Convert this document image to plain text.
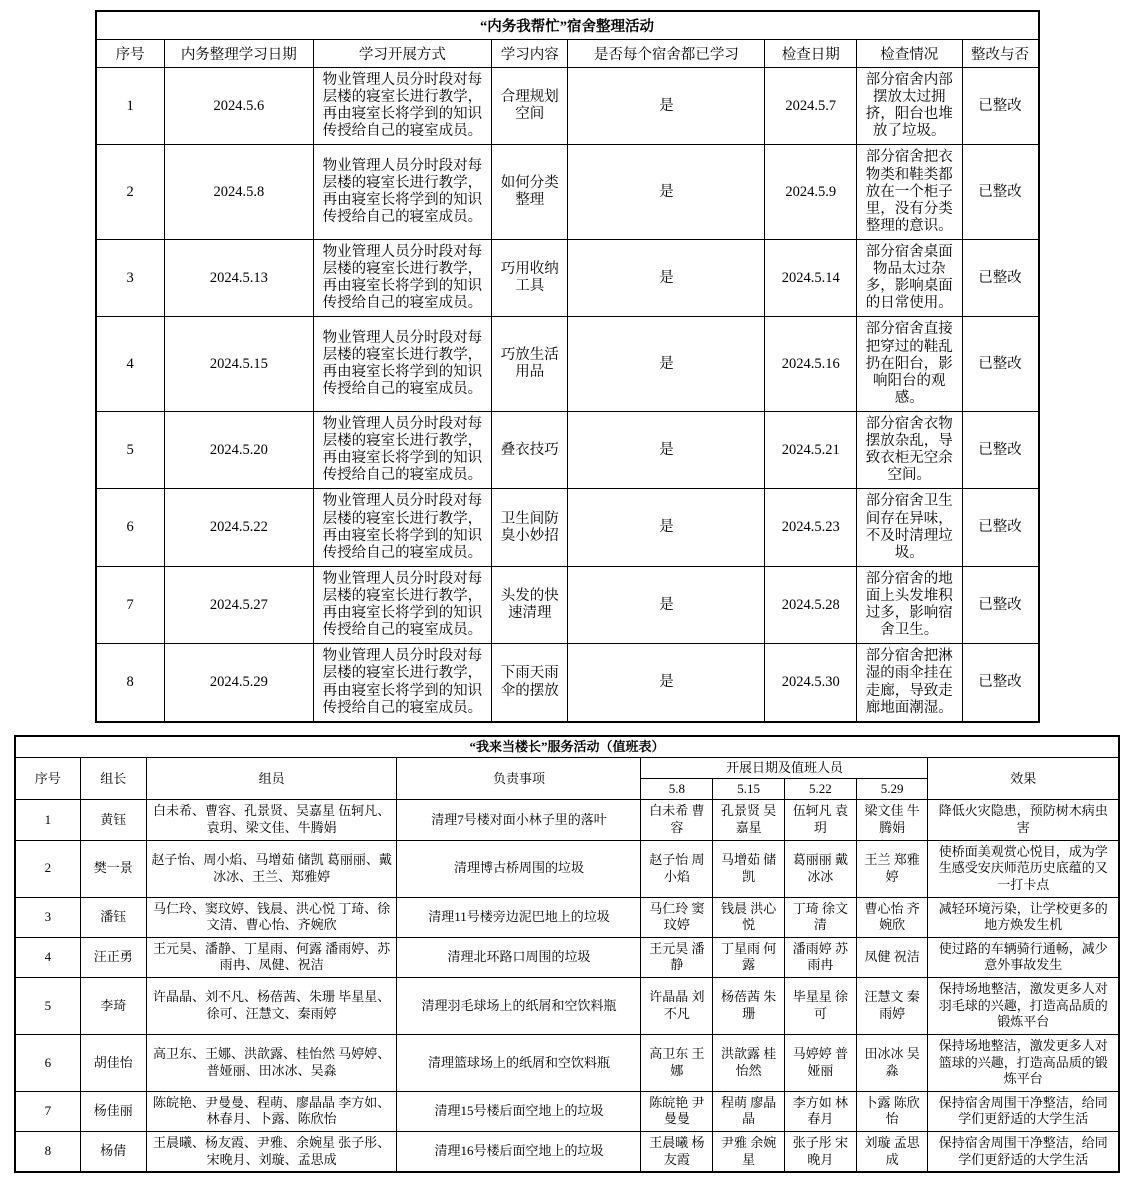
“内务我帮忙”宿舍整理活动							
序号	内务整理学习日期	学习开展方式	学习内容	是否每个宿舍都已学习	检查日期	检查情况	整改与否
1	2024.5.6	物业管理人员分时段对每层楼的寝室长进行教学，再由寝室长将学到的知识传授给自己的寝室成员。	合理规划空间	是	2024.5.7	部分宿舍内部摆放太过拥挤，阳台也堆放了垃圾。	已整改
2	2024.5.8	物业管理人员分时段对每层楼的寝室长进行教学，再由寝室长将学到的知识传授给自己的寝室成员。	如何分类整理	是	2024.5.9	部分宿舍把衣物类和鞋类都放在一个柜子里，没有分类整理的意识。	已整改
3	2024.5.13	物业管理人员分时段对每层楼的寝室长进行教学，再由寝室长将学到的知识传授给自己的寝室成员。	巧用收纳工具	是	2024.5.14	部分宿舍桌面物品太过杂多，影响桌面的日常使用。	已整改
4	2024.5.15	物业管理人员分时段对每层楼的寝室长进行教学，再由寝室长将学到的知识传授给自己的寝室成员。	巧放生活用品	是	2024.5.16	部分宿舍直接把穿过的鞋乱扔在阳台，影响阳台的观感。	已整改
5	2024.5.20	物业管理人员分时段对每层楼的寝室长进行教学，再由寝室长将学到的知识传授给自己的寝室成员。	叠衣技巧	是	2024.5.21	部分宿舍衣物摆放杂乱，导致衣柜无空余空间。	已整改
6	2024.5.22	物业管理人员分时段对每层楼的寝室长进行教学，再由寝室长将学到的知识传授给自己的寝室成员。	卫生间防臭小妙招	是	2024.5.23	部分宿舍卫生间存在异味，不及时清理垃圾。	已整改
7	2024.5.27	物业管理人员分时段对每层楼的寝室长进行教学，再由寝室长将学到的知识传授给自己的寝室成员。	头发的快速清理	是	2024.5.28	部分宿舍的地面上头发堆积过多，影响宿舍卫生。	已整改
8	2024.5.29	物业管理人员分时段对每层楼的寝室长进行教学，再由寝室长将学到的知识传授给自己的寝室成员。	下雨天雨伞的摆放	是	2024.5.30	部分宿舍把淋湿的雨伞挂在走廊，导致走廊地面潮湿。	已整改
“我来当楼长”服务活动（值班表）								
序号	组长	组员	负责事项	开展日期及值班人员				效果
				5.8	5.15	5.22	5.29	
1	黄钰	白未希、曹容、孔景贤、吴嘉星 伍轲凡、袁玥、梁文佳、牛腾娟	清理7号楼对面小林子里的落叶	白未希 曹容	孔景贤 吴嘉星	伍轲凡 袁玥	梁文佳 牛腾娟	降低火灾隐患，预防树木病虫害
2	樊一景	赵子怡、周小焰、马增茹 储凯 葛丽丽、戴冰冰、王兰、郑雅婷	清理博古桥周围的垃圾	赵子怡 周小焰	马增茹 储凯	葛丽丽 戴冰冰	王兰 郑雅婷	使桥面美观赏心悦目，成为学生感受安庆师范历史底蕴的又一打卡点
3	潘钰	马仁玲、窦玟婷、钱晨、洪心悦 丁琦、徐文清、曹心怡、齐婉欣	清理11号楼旁边泥巴地上的垃圾	马仁玲 窦玟婷	钱晨 洪心悦	丁琦 徐文清	曹心怡 齐婉欣	减轻环境污染，让学校更多的地方焕发生机
4	汪正勇	王元昊、潘静、丁星雨、何露 潘雨婷、苏雨冉、凤健、祝洁	清理北环路口周围的垃圾	王元昊 潘静	丁星雨 何露	潘雨婷 苏雨冉	凤健 祝洁	使过路的车辆骑行通畅，减少意外事故发生
5	李琦	许晶晶、刘不凡、杨蓓茜、朱珊 毕星星、徐可、汪慧文、秦雨婷	清理羽毛球场上的纸屑和空饮料瓶	许晶晶 刘不凡	杨蓓茜 朱珊	毕星星 徐可	汪慧文 秦雨婷	保持场地整洁，激发更多人对羽毛球的兴趣，打造高品质的锻炼平台
6	胡佳怡	高卫东、王娜、洪歆露、桂怡然 马婷婷、普娅丽、田冰冰、吴淼	清理篮球场上的纸屑和空饮料瓶	高卫东 王娜	洪歆露 桂怡然	马婷婷 普娅丽	田冰冰 吴淼	保持场地整洁，激发更多人对篮球的兴趣，打造高品质的锻炼平台
7	杨佳丽	陈皖艳、尹曼曼、程萌、廖晶晶 李方如、林春月、卜露、陈欣怡	清理15号楼后面空地上的垃圾	陈皖艳 尹曼曼	程萌 廖晶晶	李方如 林春月	卜露 陈欣怡	保持宿舍周围干净整洁，给同学们更舒适的大学生活
8	杨倩	王晨曦、杨友霞、尹雅、余婉星 张子彤、宋晚月、刘璇、孟思成	清理16号楼后面空地上的垃圾	王晨曦 杨友霞	尹雅 余婉星	张子彤 宋晚月	刘璇 孟思成	保持宿舍周围干净整洁，给同学们更舒适的大学生活
